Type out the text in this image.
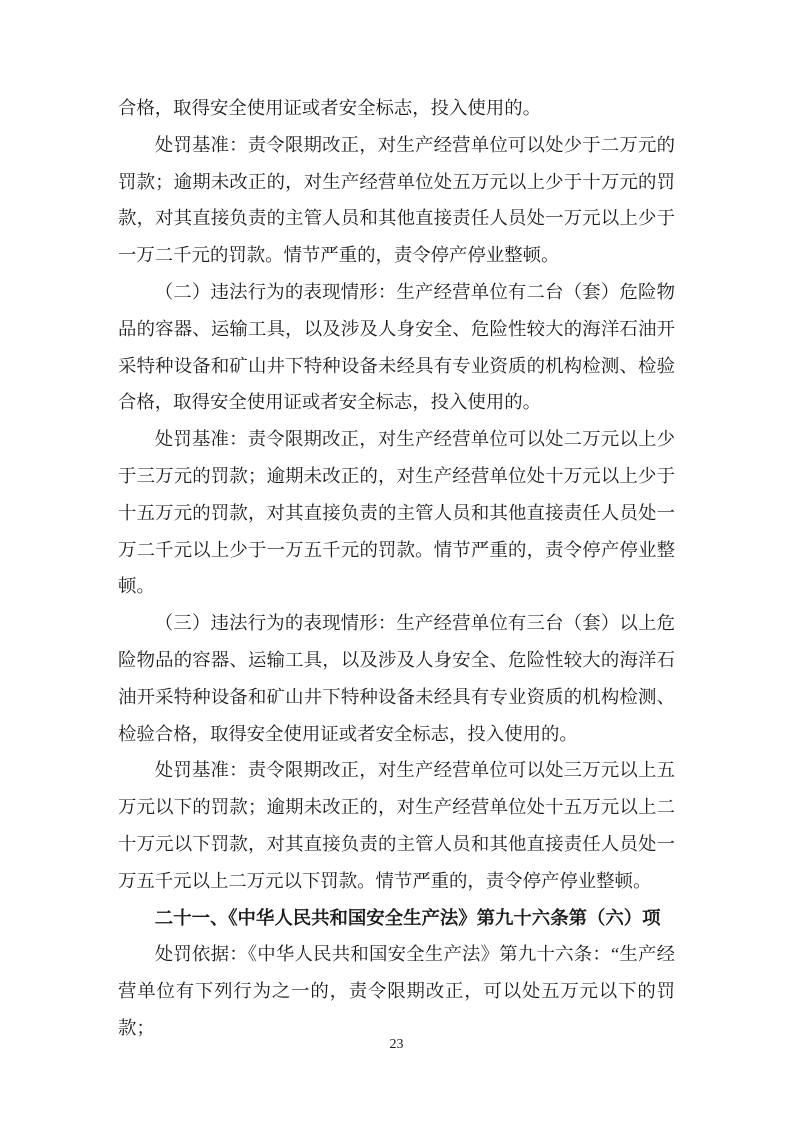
合格，取得安全使用证或者安全标志，投入使用的。

处罚基准：责令限期改正，对生产经营单位可以处少于二万元的罚款；逾期未改正的，对生产经营单位处五万元以上少于十万元的罚款，对其直接负责的主管人员和其他直接责任人员处一万元以上少于一万二千元的罚款。情节严重的，责令停产停业整顿。

（二）违法行为的表现情形：生产经营单位有二台（套）危险物品的容器、运输工具，以及涉及人身安全、危险性较大的海洋石油开采特种设备和矿山井下特种设备未经具有专业资质的机构检测、检验合格，取得安全使用证或者安全标志，投入使用的。

处罚基准：责令限期改正，对生产经营单位可以处二万元以上少于三万元的罚款；逾期未改正的，对生产经营单位处十万元以上少于十五万元的罚款，对其直接负责的主管人员和其他直接责任人员处一万二千元以上少于一万五千元的罚款。情节严重的，责令停产停业整顿。

（三）违法行为的表现情形：生产经营单位有三台（套）以上危险物品的容器、运输工具，以及涉及人身安全、危险性较大的海洋石油开采特种设备和矿山井下特种设备未经具有专业资质的机构检测、检验合格，取得安全使用证或者安全标志，投入使用的。

处罚基准：责令限期改正，对生产经营单位可以处三万元以上五万元以下的罚款；逾期未改正的，对生产经营单位处十五万元以上二十万元以下罚款，对其直接负责的主管人员和其他直接责任人员处一万五千元以上二万元以下罚款。情节严重的，责令停产停业整顿。

二十一、《中华人民共和国安全生产法》第九十六条第（六）项

处罚依据：《中华人民共和国安全生产法》第九十六条：“生产经营单位有下列行为之一的，责令限期改正，可以处五万元以下的罚款；

23
